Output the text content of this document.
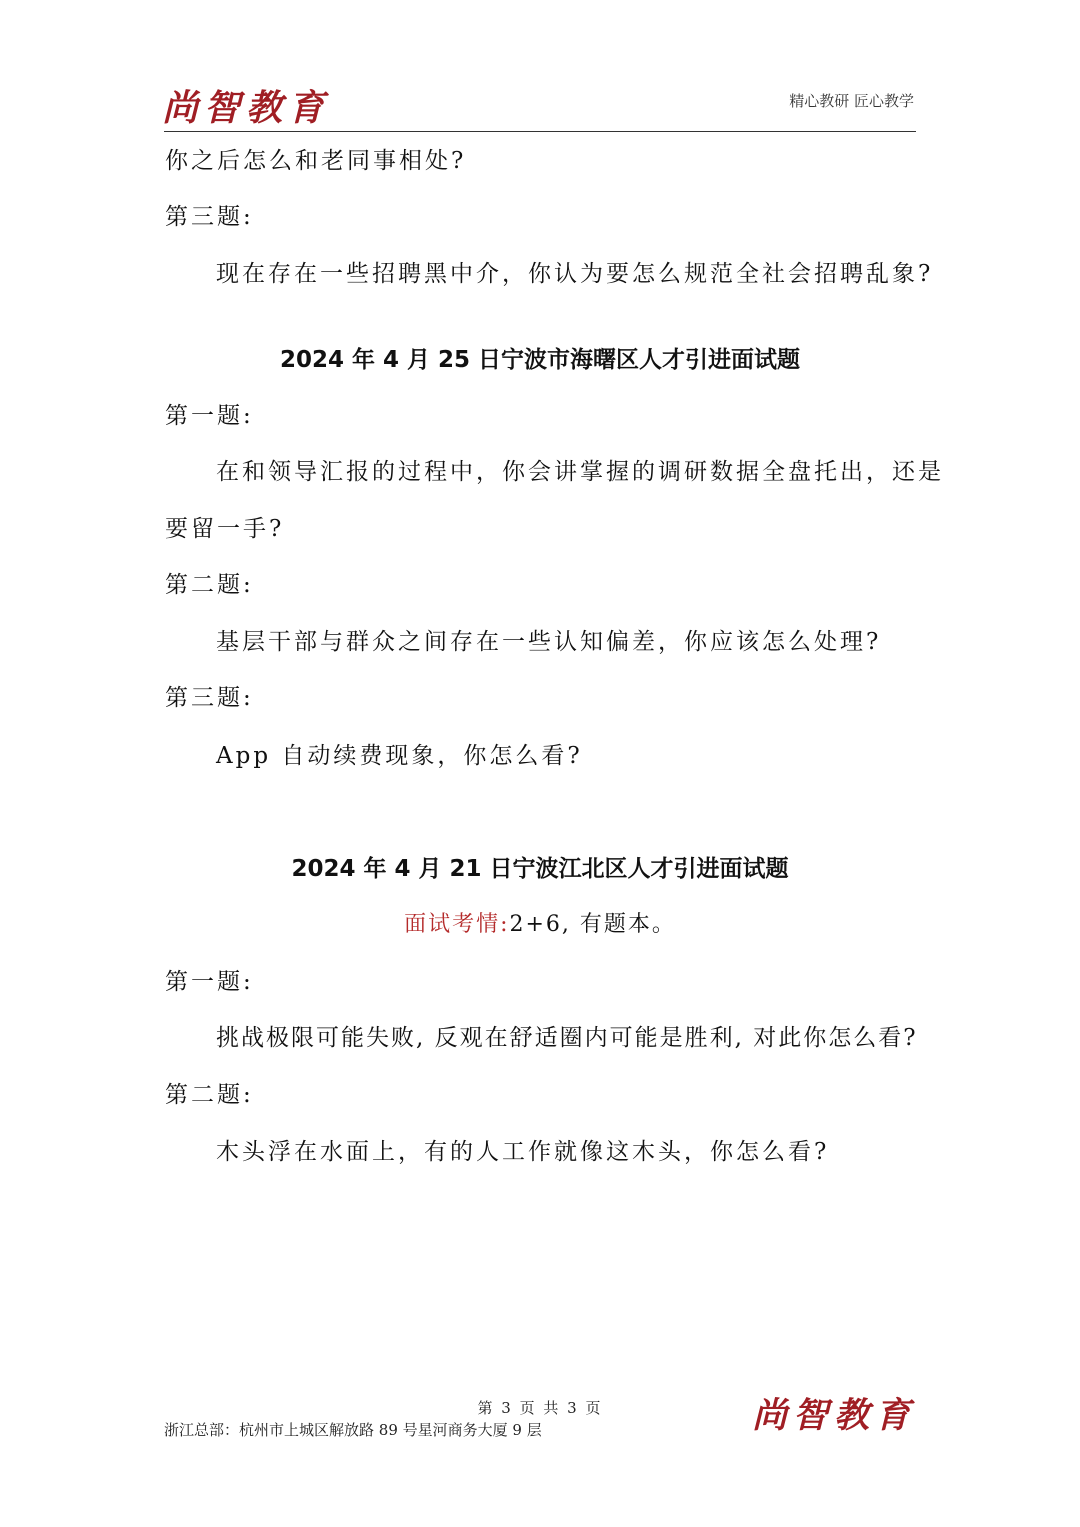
尚智教育	精心教研 匠心教学
你之后怎么和老同事相处?
第三题:
现在存在一些招聘黑中介，你认为要怎么规范全社会招聘乱象?
2024 年 4 月 25 日宁波市海曙区人才引进面试题
第一题:
在和领导汇报的过程中，你会讲掌握的调研数据全盘托出，还是
要留一手?
第二题:
基层干部与群众之间存在一些认知偏差，你应该怎么处理?
第三题:
App 自动续费现象，你怎么看?
2024 年 4 月 21 日宁波江北区人才引进面试题
面试考情:2+6, 有题本。
第一题:
挑战极限可能失败, 反观在舒适圈内可能是胜利, 对此你怎么看?
第二题:
木头浮在水面上，有的人工作就像这木头，你怎么看?
第 3 页 共 3 页
浙江总部：杭州市上城区解放路 89 号星河商务大厦 9 层	尚智教育
